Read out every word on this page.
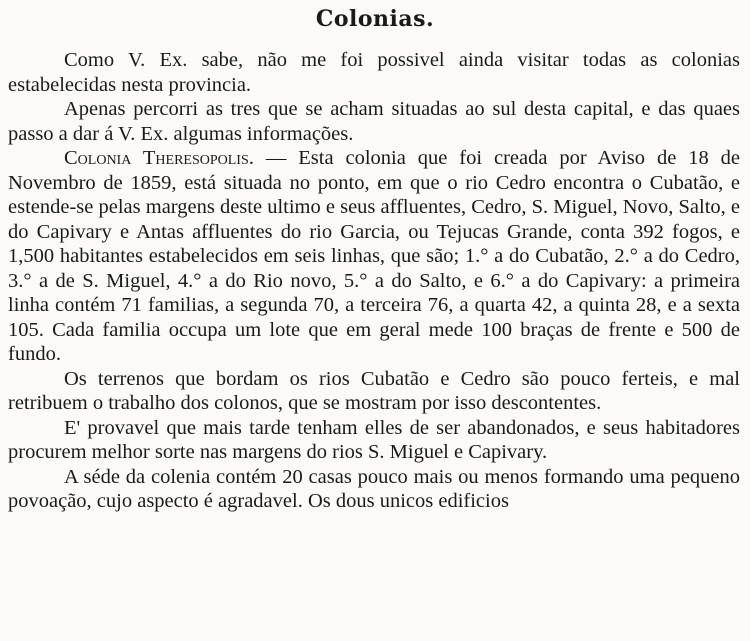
Colonias.

Como V. Ex. sabe, não me foi possivel ainda visitar todas as colonias estabelecidas nesta provincia.

Apenas percorri as tres que se acham situadas ao sul desta capital, e das quaes passo a dar á V. Ex. algumas informações.

Colonia Theresopolis. — Esta colonia que foi creada por Aviso de 18 de Novembro de 1859, está situada no ponto, em que o rio Cedro encontra o Cubatão, e estende-se pelas margens deste ultimo e seus affluentes, Cedro, S. Miguel, Novo, Salto, e do Capivary e Antas affluentes do rio Garcia, ou Tejucas Grande, conta 392 fogos, e 1,500 habitantes estabelecidos em seis linhas, que são; 1.° a do Cubatão, 2.° a do Cedro, 3.° a de S. Miguel, 4.° a do Rio novo, 5.° a do Salto, e 6.° a do Capivary: a primeira linha contém 71 familias, a segunda 70, a terceira 76, a quarta 42, a quinta 28, e a sexta 105. Cada familia occupa um lote que em geral mede 100 braças de frente e 500 de fundo.

Os terrenos que bordam os rios Cubatão e Cedro são pouco ferteis, e mal retribuem o trabalho dos colonos, que se mostram por isso descontentes.

E' provavel que mais tarde tenham elles de ser abandonados, e seus habitadores procurem melhor sorte nas margens do rios S. Miguel e Capivary.

A séde da colenia contém 20 casas pouco mais ou menos formando uma pequeno povoação, cujo aspecto é agradavel. Os dous unicos edificios
